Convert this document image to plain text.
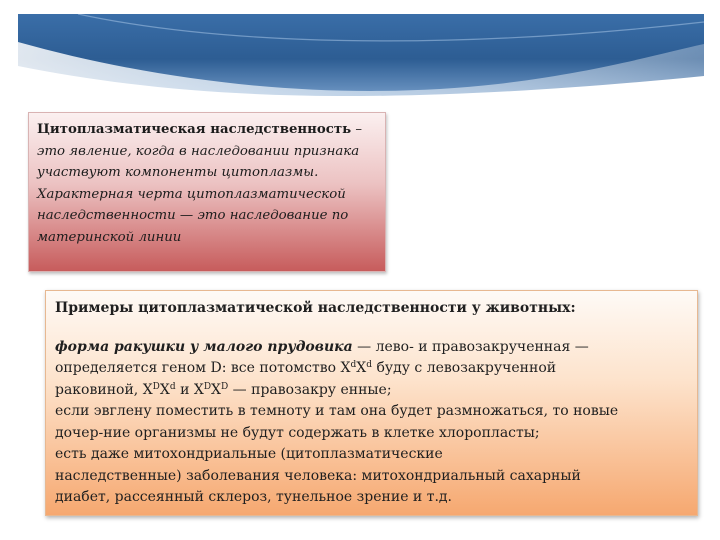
Цитоплазматическая наследственность – это явление, когда в наследовании признака участвуют компоненты цитоплазмы. Характерная черта цитоплазматической наследственности — это наследование по материнской линии
Примеры цитоплазматической наследственности у животных:
форма ракушки у малого прудовика — лево- и правозакрученная —
определяется геном D: все потомство $X^dX^d$ буду с левозакрученной
раковиной, $X^DX^d$ и $X^DX^D$ — правозакру енные;
если эвглену поместить в темноту и там она будет размножаться, то новые
дочер-ние организмы не будут содержать в клетке хлоропласты;
есть даже митохондриальные (цитоплазматические
наследственные) заболевания человека: митохондриальный сахарный
диабет, рассеянный склероз, тунельное зрение и т.д.
